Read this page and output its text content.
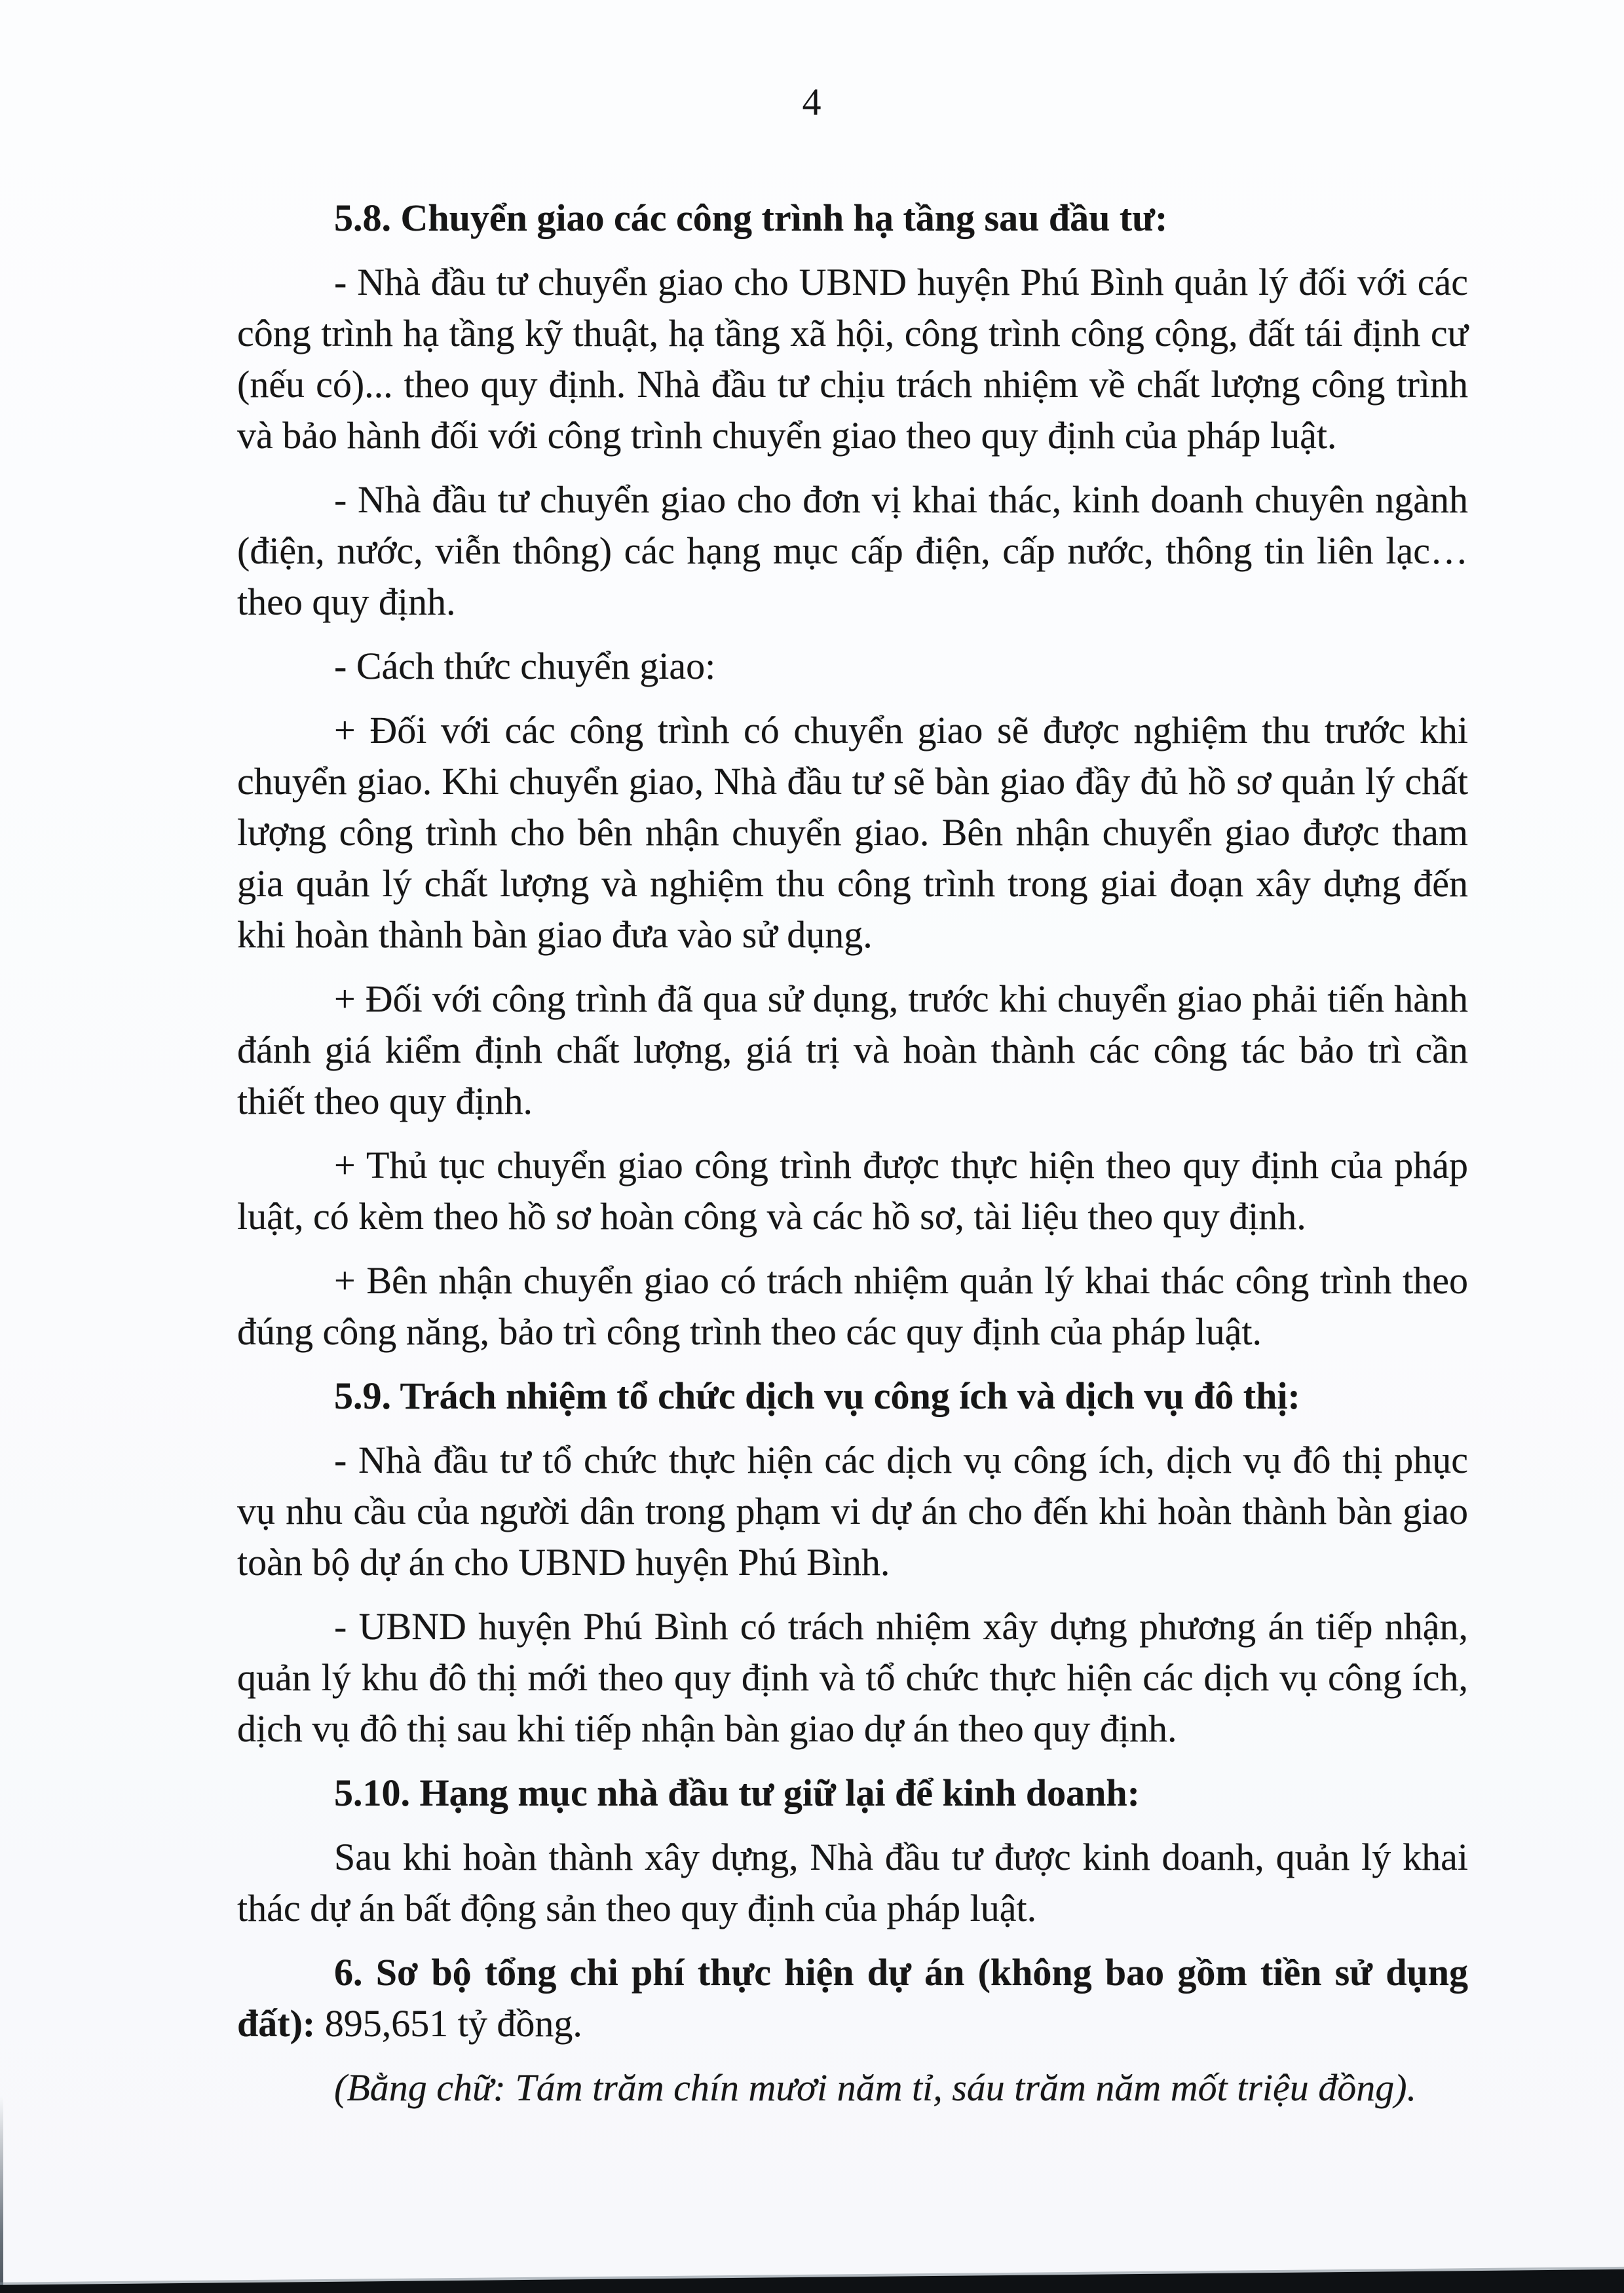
4

5.8. Chuyển giao các công trình hạ tầng sau đầu tư:

- Nhà đầu tư chuyển giao cho UBND huyện Phú Bình quản lý đối với các công trình hạ tầng kỹ thuật, hạ tầng xã hội, công trình công cộng, đất tái định cư (nếu có)... theo quy định. Nhà đầu tư chịu trách nhiệm về chất lượng công trình và bảo hành đối với công trình chuyển giao theo quy định của pháp luật.

- Nhà đầu tư chuyển giao cho đơn vị khai thác, kinh doanh chuyên ngành (điện, nước, viễn thông) các hạng mục cấp điện, cấp nước, thông tin liên lạc… theo quy định.

- Cách thức chuyển giao:

+ Đối với các công trình có chuyển giao sẽ được nghiệm thu trước khi chuyển giao. Khi chuyển giao, Nhà đầu tư sẽ bàn giao đầy đủ hồ sơ quản lý chất lượng công trình cho bên nhận chuyển giao. Bên nhận chuyển giao được tham gia quản lý chất lượng và nghiệm thu công trình trong giai đoạn xây dựng đến khi hoàn thành bàn giao đưa vào sử dụng.

+ Đối với công trình đã qua sử dụng, trước khi chuyển giao phải tiến hành đánh giá kiểm định chất lượng, giá trị và hoàn thành các công tác bảo trì cần thiết theo quy định.

+ Thủ tục chuyển giao công trình được thực hiện theo quy định của pháp luật, có kèm theo hồ sơ hoàn công và các hồ sơ, tài liệu theo quy định.

+ Bên nhận chuyển giao có trách nhiệm quản lý khai thác công trình theo đúng công năng, bảo trì công trình theo các quy định của pháp luật.

5.9. Trách nhiệm tổ chức dịch vụ công ích và dịch vụ đô thị:

- Nhà đầu tư tổ chức thực hiện các dịch vụ công ích, dịch vụ đô thị phục vụ nhu cầu của người dân trong phạm vi dự án cho đến khi hoàn thành bàn giao toàn bộ dự án cho UBND huyện Phú Bình.

- UBND huyện Phú Bình có trách nhiệm xây dựng phương án tiếp nhận, quản lý khu đô thị mới theo quy định và tổ chức thực hiện các dịch vụ công ích, dịch vụ đô thị sau khi tiếp nhận bàn giao dự án theo quy định.

5.10. Hạng mục nhà đầu tư giữ lại để kinh doanh:

Sau khi hoàn thành xây dựng, Nhà đầu tư được kinh doanh, quản lý khai thác dự án bất động sản theo quy định của pháp luật.

6. Sơ bộ tổng chi phí thực hiện dự án (không bao gồm tiền sử dụng đất): 895,651 tỷ đồng.

(Bằng chữ: Tám trăm chín mươi năm tỉ, sáu trăm năm mốt triệu đồng).
